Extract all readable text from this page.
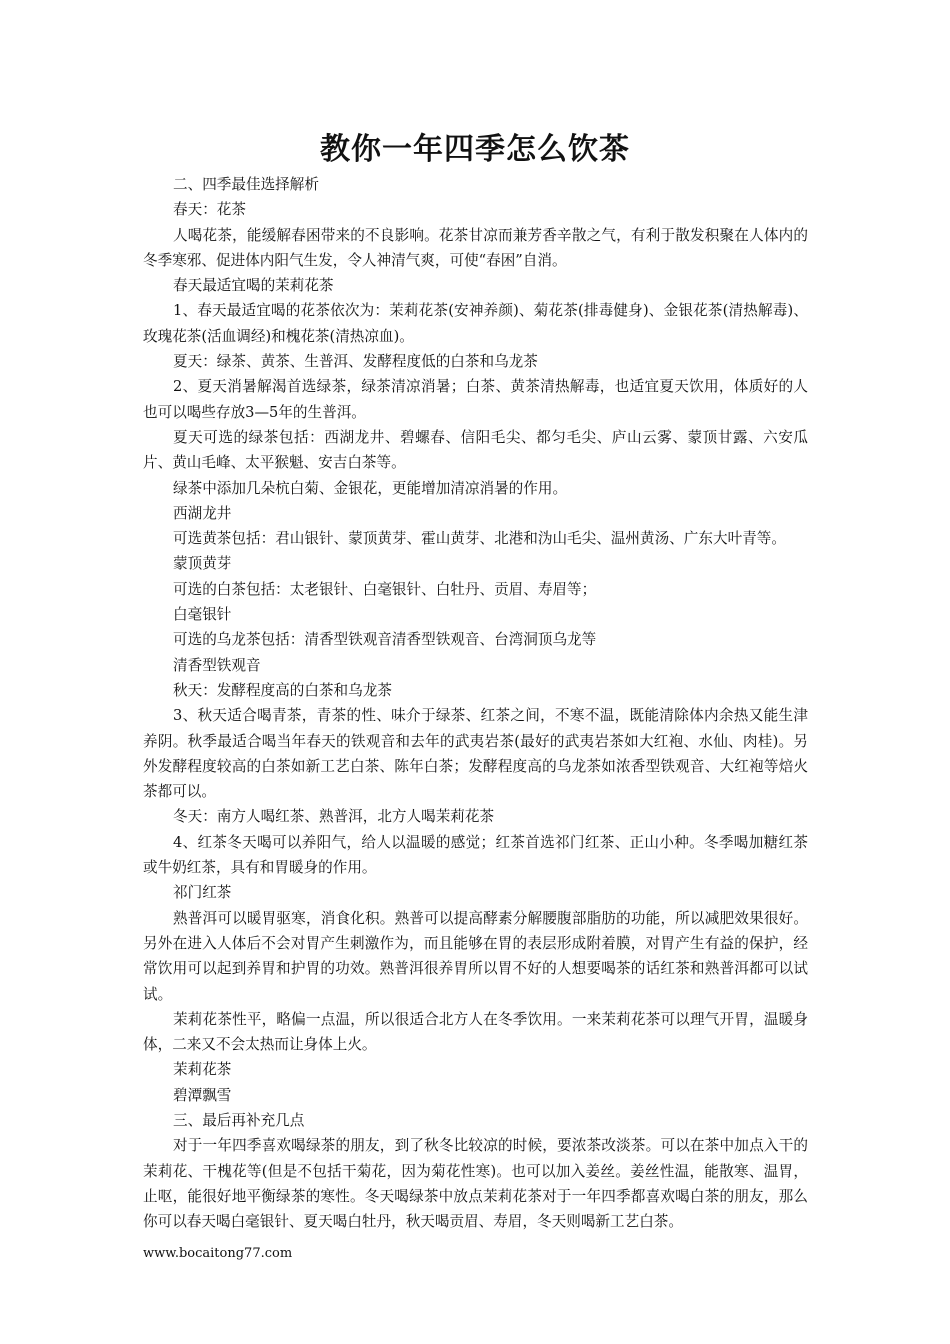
教你一年四季怎么饮茶

二、四季最佳选择解析

春天：花茶

人喝花茶，能缓解春困带来的不良影响。花茶甘凉而兼芳香辛散之气，有利于散发积聚在人体内的冬季寒邪、促进体内阳气生发，令人神清气爽，可使“春困”自消。

春天最适宜喝的茉莉花茶

1、春天最适宜喝的花茶依次为：茉莉花茶(安神养颜)、菊花茶(排毒健身)、金银花茶(清热解毒)、玫瑰花茶(活血调经)和槐花茶(清热凉血)。

夏天：绿茶、黄茶、生普洱、发酵程度低的白茶和乌龙茶

2、夏天消暑解渴首选绿茶，绿茶清凉消暑；白茶、黄茶清热解毒，也适宜夏天饮用，体质好的人也可以喝些存放3—5年的生普洱。

夏天可选的绿茶包括：西湖龙井、碧螺春、信阳毛尖、都匀毛尖、庐山云雾、蒙顶甘露、六安瓜片、黄山毛峰、太平猴魁、安吉白茶等。

绿茶中添加几朵杭白菊、金银花，更能增加清凉消暑的作用。

西湖龙井

可选黄茶包括：君山银针、蒙顶黄芽、霍山黄芽、北港和沩山毛尖、温州黄汤、广东大叶青等。

蒙顶黄芽

可选的白茶包括：太老银针、白毫银针、白牡丹、贡眉、寿眉等；

白毫银针

可选的乌龙茶包括：清香型铁观音清香型铁观音、台湾洞顶乌龙等

清香型铁观音

秋天：发酵程度高的白茶和乌龙茶

3、秋天适合喝青茶，青茶的性、味介于绿茶、红茶之间，不寒不温，既能清除体内余热又能生津养阴。秋季最适合喝当年春天的铁观音和去年的武夷岩茶(最好的武夷岩茶如大红袍、水仙、肉桂)。另外发酵程度较高的白茶如新工艺白茶、陈年白茶；发酵程度高的乌龙茶如浓香型铁观音、大红袍等焙火茶都可以。

冬天：南方人喝红茶、熟普洱，北方人喝茉莉花茶

4、红茶冬天喝可以养阳气，给人以温暖的感觉；红茶首选祁门红茶、正山小种。冬季喝加糖红茶或牛奶红茶，具有和胃暖身的作用。

祁门红茶

熟普洱可以暖胃驱寒，消食化积。熟普可以提高酵素分解腰腹部脂肪的功能，所以减肥效果很好。另外在进入人体后不会对胃产生刺激作为，而且能够在胃的表层形成附着膜，对胃产生有益的保护，经常饮用可以起到养胃和护胃的功效。熟普洱很养胃所以胃不好的人想要喝茶的话红茶和熟普洱都可以试试。

茉莉花茶性平，略偏一点温，所以很适合北方人在冬季饮用。一来茉莉花茶可以理气开胃，温暖身体，二来又不会太热而让身体上火。

茉莉花茶

碧潭飘雪

三、最后再补充几点

对于一年四季喜欢喝绿茶的朋友，到了秋冬比较凉的时候，要浓茶改淡茶。可以在茶中加点入干的茉莉花、干槐花等(但是不包括干菊花，因为菊花性寒)。也可以加入姜丝。姜丝性温，能散寒、温胃，止呕，能很好地平衡绿茶的寒性。冬天喝绿茶中放点茉莉花茶对于一年四季都喜欢喝白茶的朋友，那么你可以春天喝白毫银针、夏天喝白牡丹，秋天喝贡眉、寿眉，冬天则喝新工艺白茶。

www.bocaitong77.com
